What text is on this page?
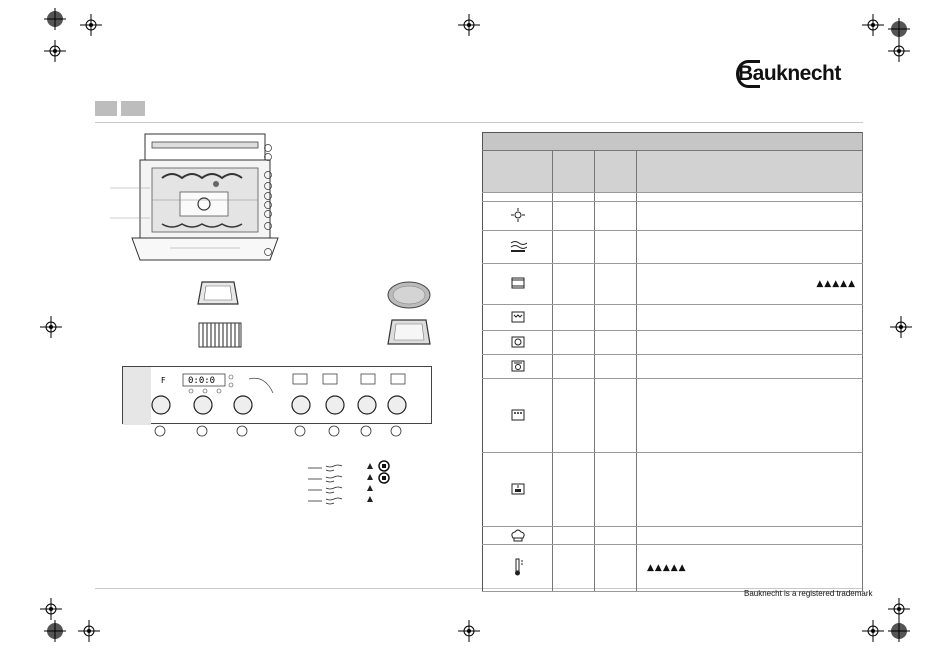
Bauknecht
F 0:0:0

			▲▲▲▲▲

			▲▲▲▲▲
Bauknecht is a registered trademark
